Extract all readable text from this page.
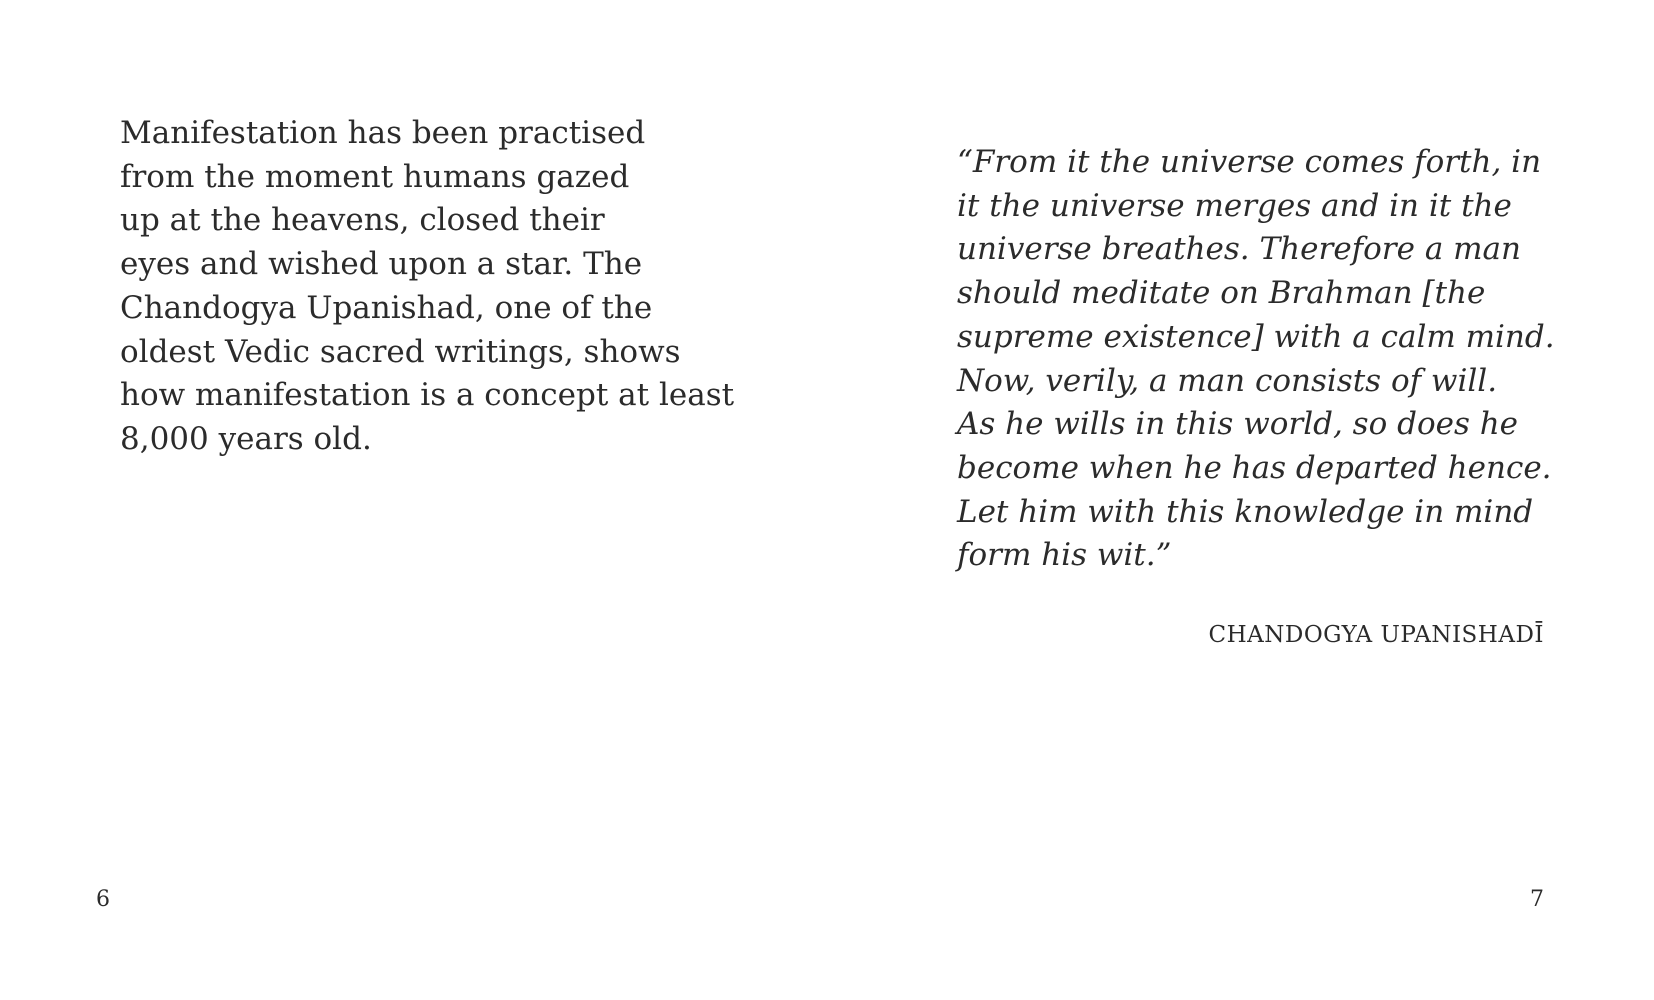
Manifestation has been practised
from the moment humans gazed
up at the heavens, closed their
eyes and wished upon a star. The
Chandogya Upanishad, one of the
oldest Vedic sacred writings, shows
how manifestation is a concept at least
8,000 years old.

6

“From it the universe comes forth, in
it the universe merges and in it the
universe breathes. Therefore a man
should meditate on Brahman [the
supreme existence] with a calm mind.
Now, verily, a man consists of will.
As he wills in this world, so does he
become when he has departed hence.
Let him with this knowledge in mind
form his wit.”

CHANDOGYA UPANISHADĪ

7
